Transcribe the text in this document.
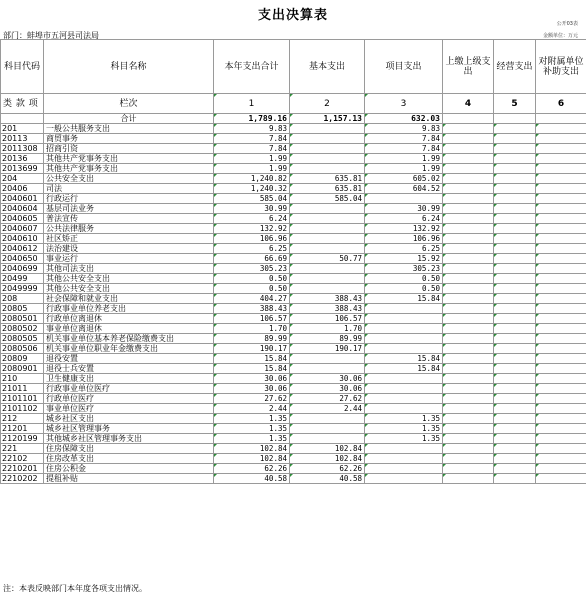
支出决算表
公开03表
部门：蚌埠市五河县司法局	金额单位：万元
科目代码	科目名称	本年支出合计	基本支出	项目支出	上缴上级支出	经营支出	对附属单位补助支出
类 款 项	栏次	1	2	3	4	5	6
	合计	1,789.16	1,157.13	632.03			
201	一般公共服务支出	9.83		9.83			
20113	商贸事务	7.84		7.84			
2011308	招商引资	7.84		7.84			
20136	其他共产党事务支出	1.99		1.99			
2013699	其他共产党事务支出	1.99		1.99			
204	公共安全支出	1,240.82	635.81	605.02			
20406	司法	1,240.32	635.81	604.52			
2040601	行政运行	585.04	585.04				
2040604	基层司法业务	30.99		30.99			
2040605	普法宣传	6.24		6.24			
2040607	公共法律服务	132.92		132.92			
2040610	社区矫正	106.96		106.96			
2040612	法治建设	6.25		6.25			
2040650	事业运行	66.69	50.77	15.92			
2040699	其他司法支出	305.23		305.23			
20499	其他公共安全支出	0.50		0.50			
2049999	其他公共安全支出	0.50		0.50			
208	社会保障和就业支出	404.27	388.43	15.84			
20805	行政事业单位养老支出	388.43	388.43				
2080501	行政单位离退休	106.57	106.57				
2080502	事业单位离退休	1.70	1.70				
2080505	机关事业单位基本养老保险缴费支出	89.99	89.99				
2080506	机关事业单位职业年金缴费支出	190.17	190.17				
20809	退役安置	15.84		15.84			
2080901	退役士兵安置	15.84		15.84			
210	卫生健康支出	30.06	30.06				
21011	行政事业单位医疗	30.06	30.06				
2101101	行政单位医疗	27.62	27.62				
2101102	事业单位医疗	2.44	2.44				
212	城乡社区支出	1.35		1.35			
21201	城乡社区管理事务	1.35		1.35			
2120199	其他城乡社区管理事务支出	1.35		1.35			
221	住房保障支出	102.84	102.84				
22102	住房改革支出	102.84	102.84				
2210201	住房公积金	62.26	62.26				
2210202	提租补贴	40.58	40.58				
注：本表反映部门本年度各项支出情况。
